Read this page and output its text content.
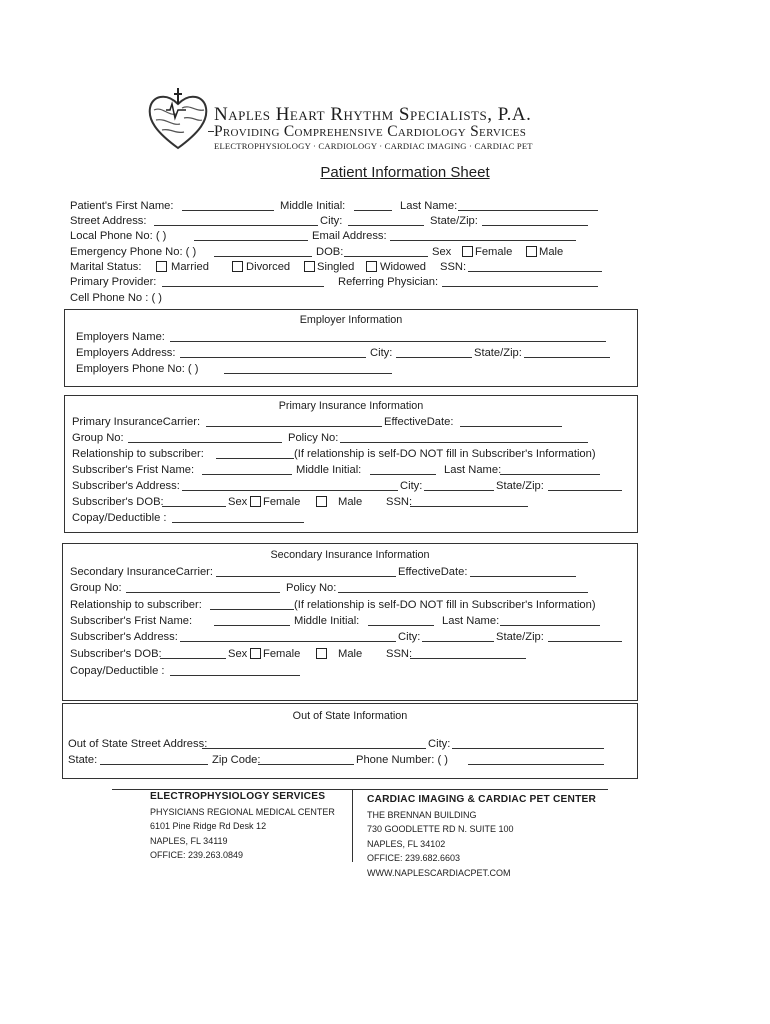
Naples Heart Rhythm Specialists, P.A.
Providing Comprehensive Cardiology Services
ELECTROPHYSIOLOGY · CARDIOLOGY · CARDIAC IMAGING · CARDIAC PET
Patient Information Sheet
Patient's First Name:	Middle Initial:	Last Name:
Street Address:	City:	State/Zip:
Local Phone No: ( )	Email Address:
Emergency Phone No: ( )	DOB:	Sex Female Male
Marital Status:	Married	Divorced Singled Widowed SSN:
Primary Provider:	Referring Physician:
Cell Phone No : ( )
Employer Information
Employers Name:
Employers Address:	City:	State/Zip:
Employers Phone No: ( )
Primary Insurance Information
Primary InsuranceCarrier:	EffectiveDate:
Group No:	Policy No:
Relationship to subscriber:	(If relationship is self-DO NOT fill in Subscriber's Information)
Subscriber's Frist Name:	Middle Initial:	Last Name:
Subscriber's Address:	City:	State/Zip:
Subscriber's DOB:	Sex Female	Male SSN:
Copay/Deductible :
Secondary Insurance Information
Secondary InsuranceCarrier:	EffectiveDate:
Group No:	Policy No:
Relationship to subscriber:	(If relationship is self-DO NOT fill in Subscriber's Information)
Subscriber's Frist Name:	Middle Initial:	Last Name:
Subscriber's Address:	City:	State/Zip:
Subscriber's DOB:	Sex Female	Male SSN:
Copay/Deductible :
Out of State Information
Out of State Street Address:	City:
State:	Zip Code:	Phone Number: ( )
ELECTROPHYSIOLOGY SERVICES
PHYSICIANS REGIONAL MEDICAL CENTER
6101 Pine Ridge Rd Desk 12
NAPLES, FL 34119
OFFICE: 239.263.0849
CARDIAC IMAGING & CARDIAC PET CENTER
THE BRENNAN BUILDING
730 GOODLETTE RD N. SUITE 100
NAPLES, FL 34102
OFFICE: 239.682.6603
WWW.NAPLESCARDIACPET.COM
